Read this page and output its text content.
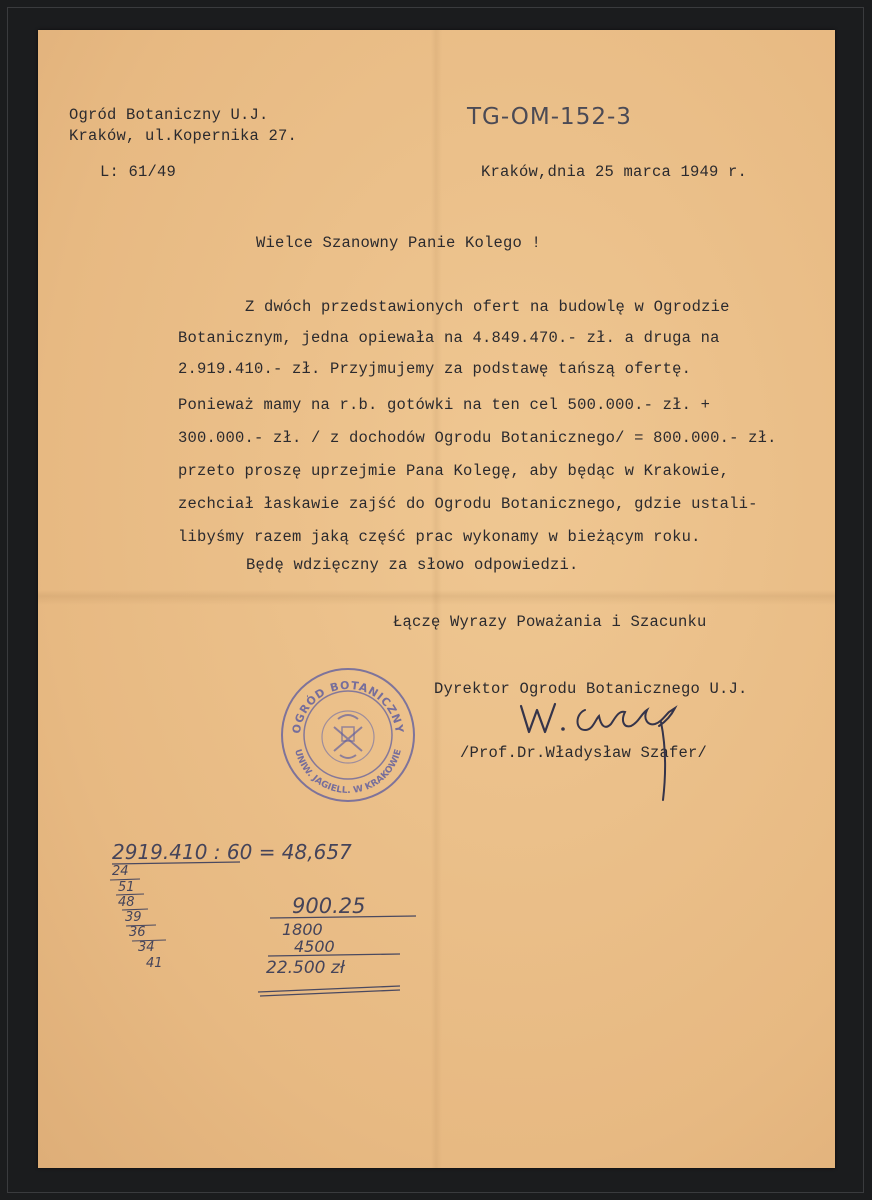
Ogród Botaniczny U.J.
Kraków, ul.Kopernika 27.
L: 61/49
TG-OM-152-3
Kraków,dnia 25 marca 1949 r.
Wielce Szanowny Panie Kolego !
Z dwóch przedstawionych ofert na budowlę w Ogrodzie
Botanicznym, jedna opiewała na 4.849.470.- zł. a druga na
2.919.410.- zł. Przyjmujemy za podstawę tańszą ofertę.
Ponieważ mamy na r.b. gotówki na ten cel 500.000.- zł. +
300.000.- zł. / z dochodów Ogrodu Botanicznego/ = 800.000.- zł.
przeto proszę uprzejmie Pana Kolegę, aby będąc w Krakowie,
zechciał łaskawie zajść do Ogrodu Botanicznego, gdzie ustali-
libyśmy razem jaką część prac wykonamy w bieżącym roku.
Będę wdzięczny za słowo odpowiedzi.
Łączę Wyrazy Poważania i Szacunku
Dyrektor Ogrodu Botanicznego U.J.
/Prof.Dr.Władysław Szafer/
OGRÓD BOTANICZNY
UNIW. JAGIELL. W KRAKOWIE
2919.410 : 60 = 48,657
24
51
48
39
36
34
41
900.25
1800
4500
22.500 zł
